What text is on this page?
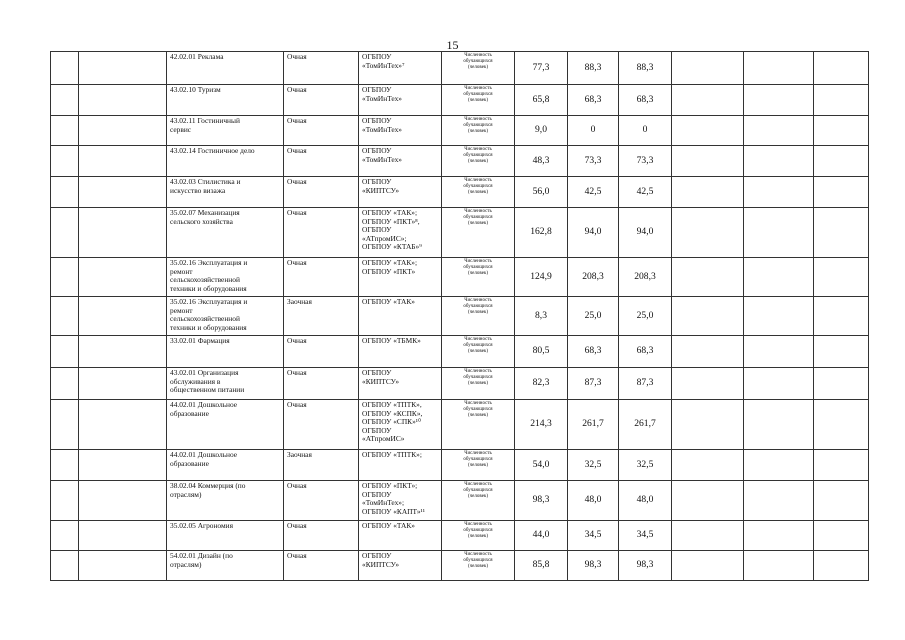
15
		42.02.01 Реклама	Очная	ОГБПОУ
«ТомИнТех»⁷	Численность
обучающихся
(человек)	77,3	88,3	88,3			
		43.02.10 Туризм	Очная	ОГБПОУ
«ТомИнТех»	Численность
обучающихся
(человек)	65,8	68,3	68,3			
		43.02.11 Гостиничный
сервис	Очная	ОГБПОУ
«ТомИнТех»	Численность
обучающихся
(человек)	9,0	0	0			
		43.02.14 Гостиничное дело	Очная	ОГБПОУ
«ТомИнТех»	Численность
обучающихся
(человек)	48,3	73,3	73,3			
		43.02.03 Стилистика и
искусство визажа	Очная	ОГБПОУ
«КИПТСУ»	Численность
обучающихся
(человек)	56,0	42,5	42,5			
		35.02.07 Механизация
сельского хозяйства	Очная	ОГБПОУ «ТАК»;
ОГБПОУ «ПКТ»⁸,
ОГБПОУ
«АТпромИС»;
ОГБПОУ «КТАБ»⁹	Численность
обучающихся
(человек)	162,8	94,0	94,0			
		35.02.16 Эксплуатация и
ремонт
сельскохозяйственной
техники и оборудования	Очная	ОГБПОУ «ТАК»;
ОГБПОУ «ПКТ»	Численность
обучающихся
(человек)	124,9	208,3	208,3			
		35.02.16 Эксплуатация и
ремонт
сельскохозяйственной
техники и оборудования	Заочная	ОГБПОУ «ТАК»	Численность
обучающихся
(человек)	8,3	25,0	25,0			
		33.02.01 Фармация	Очная	ОГБПОУ «ТБМК»	Численность
обучающихся
(человек)	80,5	68,3	68,3			
		43.02.01 Организация
обслуживания в
общественном питании	Очная	ОГБПОУ
«КИПТСУ»	Численность
обучающихся
(человек)	82,3	87,3	87,3			
		44.02.01 Дошкольное
образование	Очная	ОГБПОУ «ТПТК»,
ОГБПОУ «КСПК»,
ОГБПОУ «СПК»¹⁰
ОГБПОУ
«АТпромИС»	Численность
обучающихся
(человек)	214,3	261,7	261,7			
		44.02.01 Дошкольное
образование	Заочная	ОГБПОУ «ТПТК»;	Численность
обучающихся
(человек)	54,0	32,5	32,5			
		38.02.04 Коммерция (по
отраслям)	Очная	ОГБПОУ «ПКТ»;
ОГБПОУ
«ТомИнТех»;
ОГБПОУ «КАПТ»¹¹	Численность
обучающихся
(человек)	98,3	48,0	48,0			
		35.02.05 Агрономия	Очная	ОГБПОУ «ТАК»	Численность
обучающихся
(человек)	44,0	34,5	34,5			
		54.02.01 Дизайн (по
отраслям)	Очная	ОГБПОУ
«КИПТСУ»	Численность
обучающихся
(человек)	85,8	98,3	98,3			
